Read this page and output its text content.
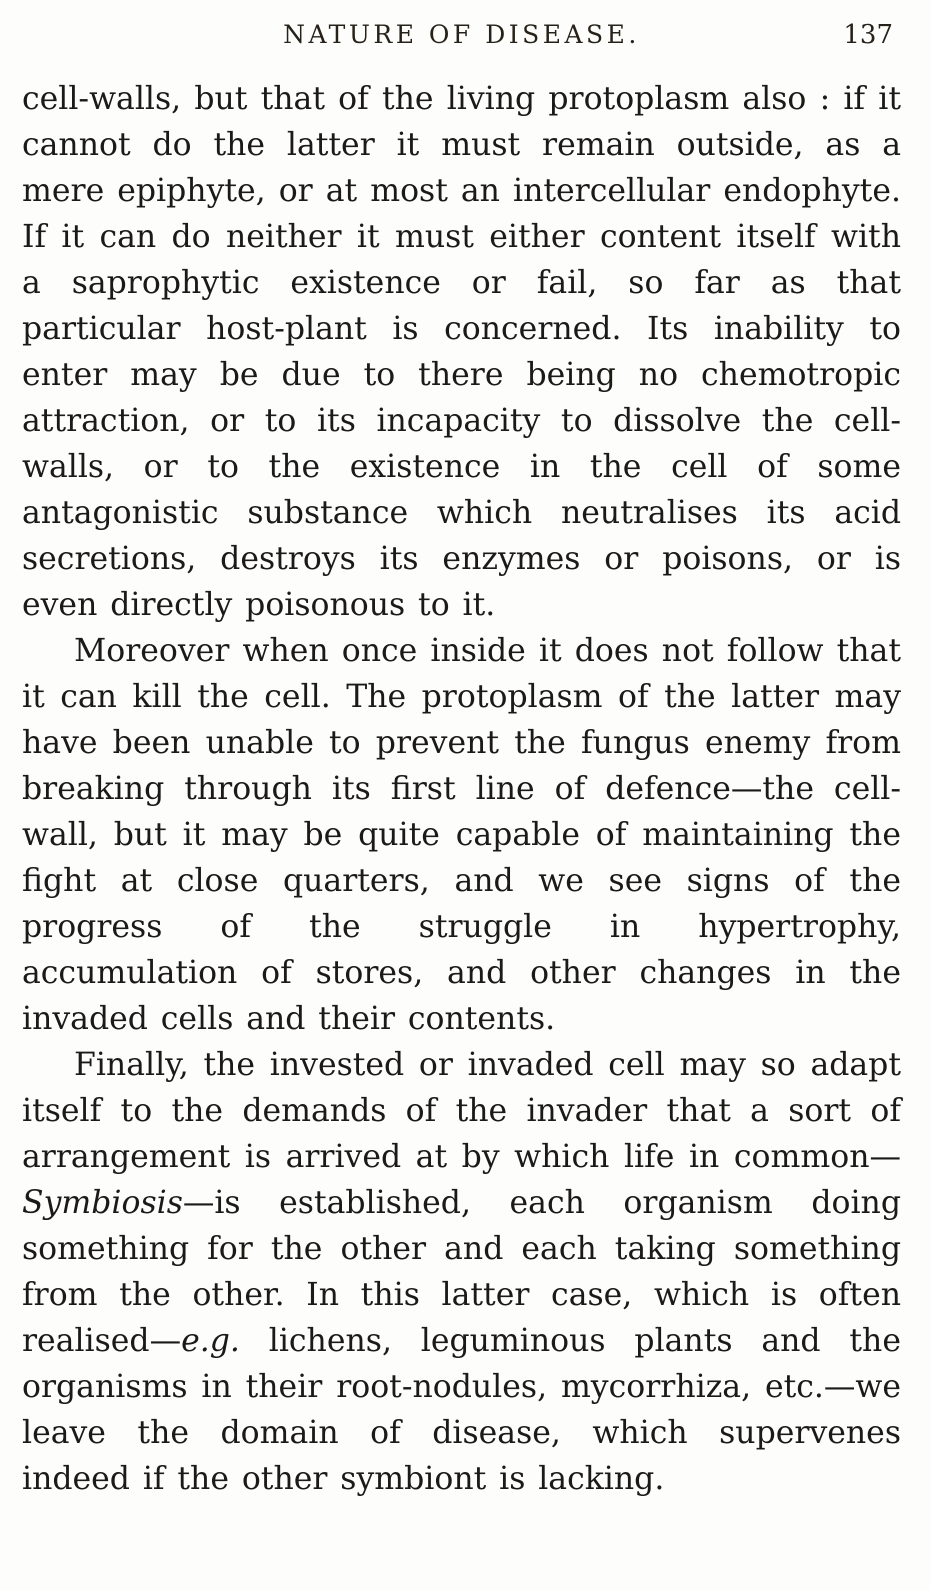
NATURE OF DISEASE.	137

cell-walls, but that of the living protoplasm also : if it cannot do the latter it must remain outside, as a mere epiphyte, or at most an intercellular endophyte. If it can do neither it must either content itself with a saprophytic existence or fail, so far as that particular host-plant is concerned. Its inability to enter may be due to there being no chemotropic attraction, or to its incapacity to dissolve the cell-walls, or to the existence in the cell of some antagonistic substance which neutralises its acid secretions, destroys its enzymes or poisons, or is even directly poisonous to it.

Moreover when once inside it does not follow that it can kill the cell. The protoplasm of the latter may have been unable to prevent the fungus enemy from breaking through its first line of defence—the cell-wall, but it may be quite capable of maintaining the fight at close quarters, and we see signs of the progress of the struggle in hypertrophy, accumulation of stores, and other changes in the invaded cells and their contents.

Finally, the invested or invaded cell may so adapt itself to the demands of the invader that a sort of arrangement is arrived at by which life in common—Symbiosis—is established, each organism doing something for the other and each taking something from the other. In this latter case, which is often realised—e.g. lichens, leguminous plants and the organisms in their root-nodules, mycorrhiza, etc.—we leave the domain of disease, which supervenes indeed if the other symbiont is lacking.
